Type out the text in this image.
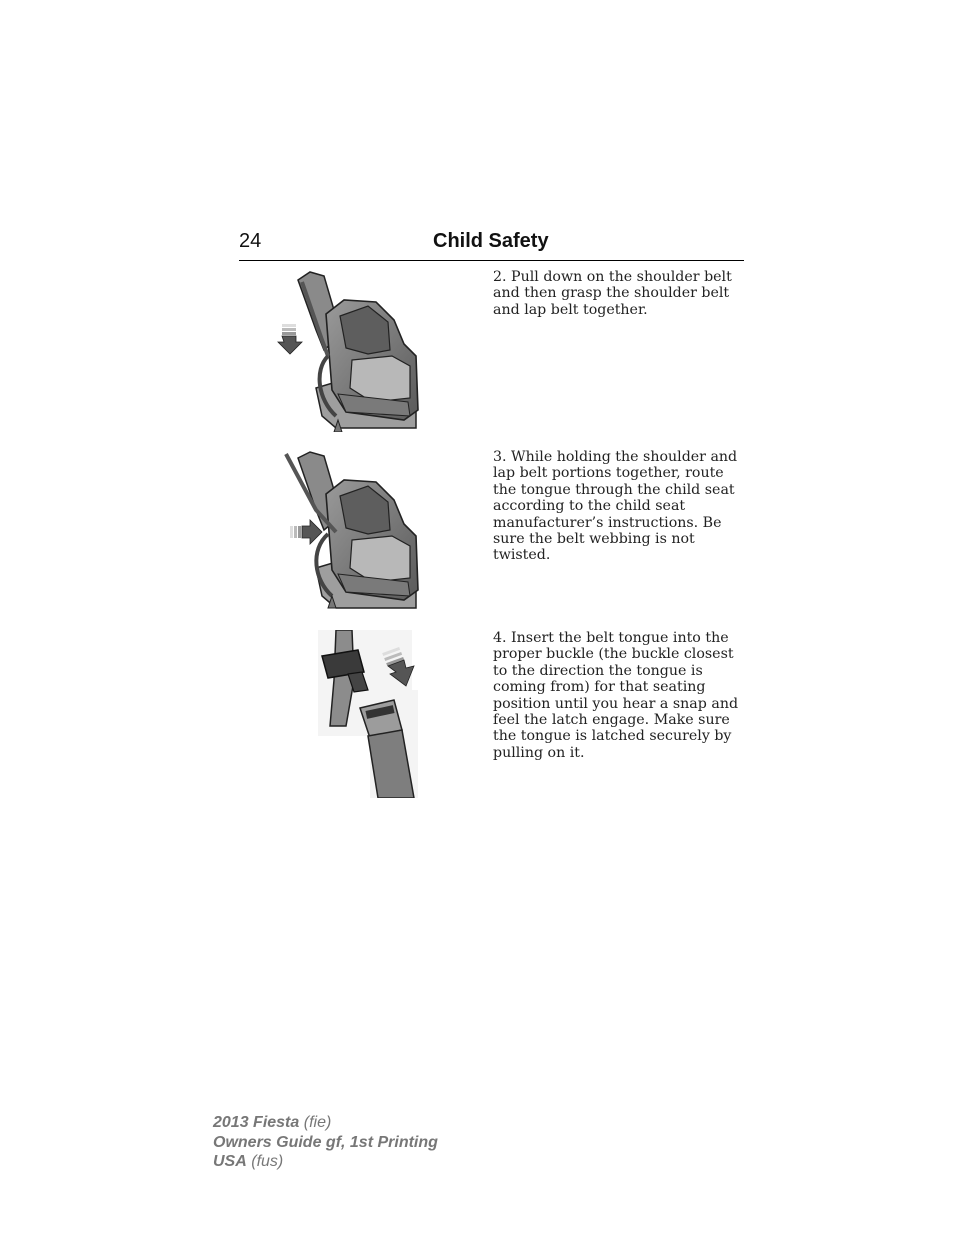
24	Child Safety

2. Pull down on the shoulder belt and then grasp the shoulder belt and lap belt together.

3. While holding the shoulder and lap belt portions together, route the tongue through the child seat according to the child seat manufacturer’s instructions. Be sure the belt webbing is not twisted.

4. Insert the belt tongue into the proper buckle (the buckle closest to the direction the tongue is coming from) for that seating position until you hear a snap and feel the latch engage. Make sure the tongue is latched securely by pulling on it.

2013 Fiesta (fie)
Owners Guide gf, 1st Printing
USA (fus)
